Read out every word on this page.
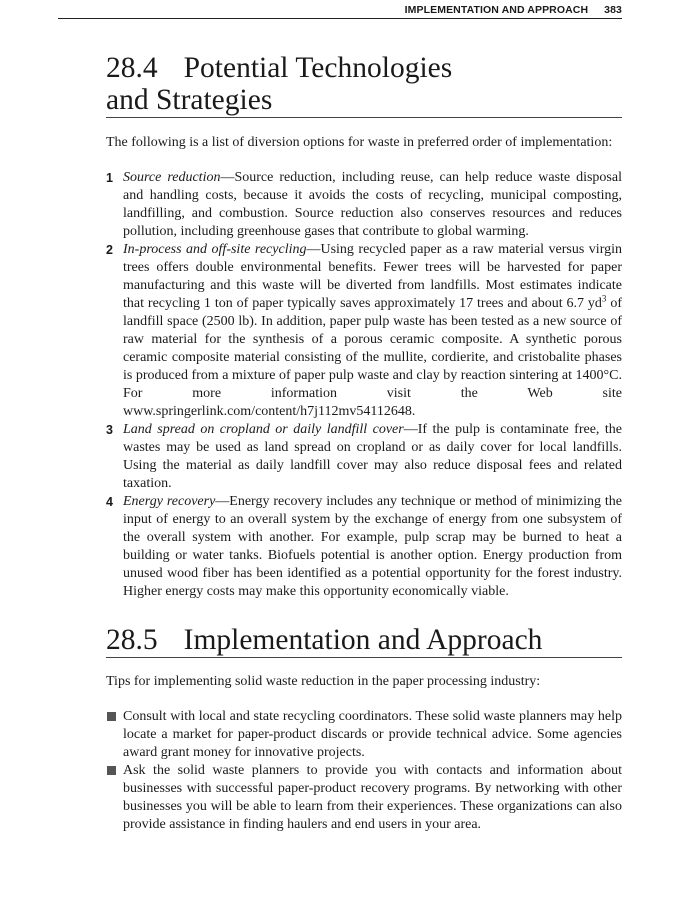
IMPLEMENTATION AND APPROACH 383
28.4 Potential Technologies
and Strategies

The following is a list of diversion options for waste in preferred order of implementation:

1 Source reduction—Source reduction, including reuse, can help reduce waste disposal and handling costs, because it avoids the costs of recycling, municipal composting, landfilling, and combustion. Source reduction also conserves resources and reduces pollution, including greenhouse gases that contribute to global warming.
2 In-process and off-site recycling—Using recycled paper as a raw material versus virgin trees offers double environmental benefits. Fewer trees will be harvested for paper manufacturing and this waste will be diverted from landfills. Most estimates indicate that recycling 1 ton of paper typically saves approximately 17 trees and about 6.7 $yd^3$ of landfill space (2500 lb). In addition, paper pulp waste has been tested as a new source of raw material for the synthesis of a porous ceramic composite. A synthetic porous ceramic composite material consisting of the mullite, cordierite, and cristobalite phases is produced from a mixture of paper pulp waste and clay by reaction sintering at 1400°C. For more information visit the Web site www.springerlink.com/content/h7j112mv54112648.
3 Land spread on cropland or daily landfill cover—If the pulp is contaminate free, the wastes may be used as land spread on cropland or as daily cover for local landfills. Using the material as daily landfill cover may also reduce disposal fees and related taxation.
4 Energy recovery—Energy recovery includes any technique or method of minimizing the input of energy to an overall system by the exchange of energy from one subsystem of the overall system with another. For example, pulp scrap may be burned to heat a building or water tanks. Biofuels potential is another option. Energy production from unused wood fiber has been identified as a potential opportunity for the forest industry. Higher energy costs may make this opportunity economically viable.
28.5 Implementation and Approach

Tips for implementing solid waste reduction in the paper processing industry:

Consult with local and state recycling coordinators. These solid waste planners may help locate a market for paper-product discards or provide technical advice. Some agencies award grant money for innovative projects.
Ask the solid waste planners to provide you with contacts and information about businesses with successful paper-product recovery programs. By networking with other businesses you will be able to learn from their experiences. These organizations can also provide assistance in finding haulers and end users in your area.
